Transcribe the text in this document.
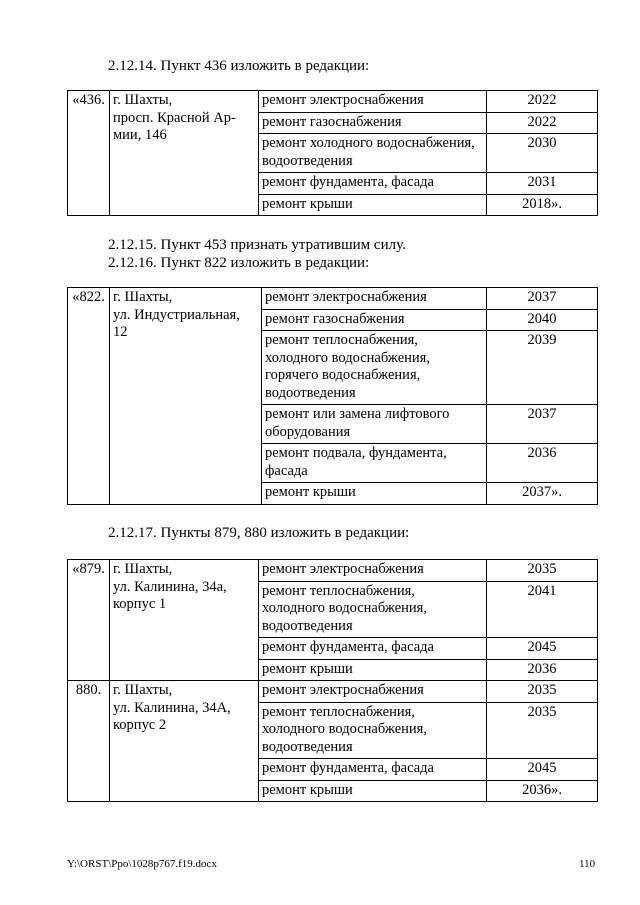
2.12.14. Пункт 436 изложить в редакции:
«436.	г. Шахты,
просп. Красной Ар-
мии, 146	ремонт электроснабжения	2022

		ремонт газоснабжения	2022

		ремонт холодного водоснабжения,
водоотведения	2030

		ремонт фундамента, фасада	2031

		ремонт крыши	2018».
2.12.15. Пункт 453 признать утратившим силу.
2.12.16. Пункт 822 изложить в редакции:
«822.	г. Шахты,
ул. Индустриальная,
12	ремонт электроснабжения	2037

		ремонт газоснабжения	2040

		ремонт теплоснабжения,
холодного водоснабжения,
горячего водоснабжения,
водоотведения	2039

		ремонт или замена лифтового
оборудования	2037

		ремонт подвала, фундамента,
фасада	2036

		ремонт крыши	2037».
2.12.17. Пункты 879, 880 изложить в редакции:
«879.	г. Шахты,
ул. Калинина, 34а,
корпус 1	ремонт электроснабжения	2035

		ремонт теплоснабжения,
холодного водоснабжения,
водоотведения	2041

		ремонт фундамента, фасада	2045

		ремонт крыши	2036
880.	г. Шахты,
ул. Калинина, 34А,
корпус 2	ремонт электроснабжения	2035

		ремонт теплоснабжения,
холодного водоснабжения,
водоотведения	2035

		ремонт фундамента, фасада	2045

		ремонт крыши	2036».
Y:\ORST\Ppo\1028p767.f19.docx	110
